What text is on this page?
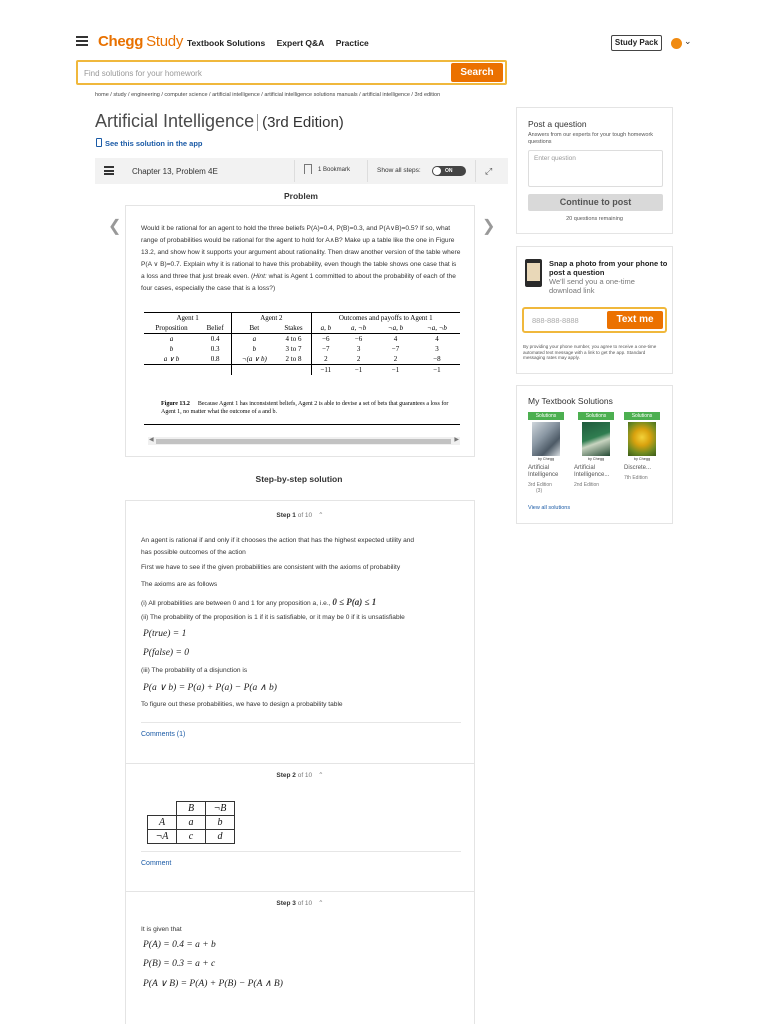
Chegg Study Textbook Solutions Expert Q&A Practice	Study Pack	⌄
Find solutions for your homework
Search
home / study / engineering / computer science / artificial intelligence / artificial intelligence solutions manuals / artificial intelligence / 3rd edition
Artificial Intelligence (3rd Edition)
See this solution in the app
Chapter 13, Problem 4E	1 Bookmark	Show all steps:	ON	⤢
Problem
❮	❯
Would it be rational for an agent to hold the three beliefs P(A)=0.4, P(B)=0.3, and P(A∨B)=0.5? If so, what range of probabilities would be rational for the agent to hold for A∧B? Make up a table like the one in Figure 13.2, and show how it supports your argument about rationality. Then draw another version of the table where P(A ∨ B)=0.7. Explain why it is rational to have this probability, even though the table shows one case that is a loss and three that just break even. (Hint: what is Agent 1 committed to about the probability of each of the four cases, especially the case that is a loss?)
Agent 1		Agent 2		Outcomes and payoffs to Agent 1			
Proposition	Belief	Bet	Stakes	a, b	a, ¬b	¬a, b	¬a, ¬b
a	0.4	a	4 to 6	−6	−6	4	4
b	0.3	b	3 to 7	−7	3	−7	3
a ∨ b	0.8	¬(a ∨ b)	2 to 8	2	2	2	−8
				−11	−1	−1	−1
Figure 13.2 Because Agent 1 has inconsistent beliefs, Agent 2 is able to devise a set of bets that guarantees a loss for Agent 1, no matter what the outcome of a and b.
◀	▶
Step-by-step solution
Step 1 of 10 ⌃
An agent is rational if and only if it chooses the action that has the highest expected utility and
has possible outcomes of the action
First we have to see if the given probabilities are consistent with the axioms of probability
The axioms are as follows
(i) All probabilities are between 0 and 1 for any proposition a, i.e., 0 ≤ P(a) ≤ 1
(ii) The probability of the proposition is 1 if it is satisfiable, or it may be 0 if it is unsatisfiable
P(true) = 1
P(false) = 0
(iii) The probability of a disjunction is
P(a ∨ b) = P(a) + P(a) − P(a ∧ b)
To figure out these probabilities, we have to design a probability table
Comments (1)
Step 2 of 10 ⌃
	B	¬B
A	a	b
¬A	c	d
Comment
Step 3 of 10 ⌃
It is given that
P(A) = 0.4 = a + b
P(B) = 0.3 = a + c
P(A ∨ B) = P(A) + P(B) − P(A ∧ B)
Post a question
Answers from our experts for your tough homework questions
Enter question
Continue to post
20 questions remaining
Snap a photo from your phone to post a question
We'll send you a one-time download link
888-888-8888
Text me
By providing your phone number, you agree to receive a one-time automated text message with a link to get the app. Standard messaging rates may apply.
My Textbook Solutions
Solutions
by Chegg
Artificial Intelligence
3rd Edition
(3)
Solutions
by Chegg
Artificial Intelligence...
2nd Edition
Solutions
by Chegg
Discrete...
7th Edition
View all solutions
